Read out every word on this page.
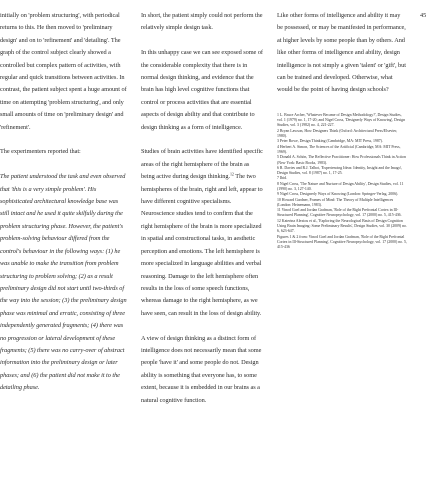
initially on 'problem structuring', with periodical returns to this. He then moved to 'preliminary design' and on to 'refinement' and 'detailing'. The graph of the control subject clearly showed a controlled but complex pattern of activities, with regular and quick transitions between activities. In contrast, the patient subject spent a huge amount of time on attempting 'problem structuring', and only small amounts of time on 'preliminary design' and 'refinement'.

The experimenters reported that:

The patient understood the task and even observed that 'this is a very simple problem'. His sophisticated architectural knowledge base was still intact and he used it quite skilfully during the problem structuring phase. However, the patient's problem-solving behaviour differed from the control's behaviour in the following ways: (1) he was unable to make the transition from problem structuring to problem solving; (2) as a result preliminary design did not start until two-thirds of the way into the session; (3) the preliminary design phase was minimal and erratic, consisting of three independently generated fragments; (4) there was no progression or lateral development of these fragments; (5) there was no carry-over of abstract information into the preliminary design or later phases; and (6) the patient did not make it to the detailing phase.

In short, the patient simply could not perform the relatively simple design task.

In this unhappy case we can see exposed some of the considerable complexity that there is in normal design thinking, and evidence that the brain has high level cognitive functions that control or process activities that are essential aspects of design ability and that contribute to design thinking as a form of intelligence.

Studies of brain activities have identified specific areas of the right hemisphere of the brain as being active during design thinking.$^{12}$ The two hemispheres of the brain, right and left, appear to have different cognitive specialisms. Neuroscience studies tend to confirm that the right hemisphere of the brain is more specialized in spatial and constructional tasks, in aesthetic perception and emotions. The left hemisphere is more specialized in language abilities and verbal reasoning. Damage to the left hemisphere often results in the loss of some speech functions, whereas damage to the right hemisphere, as we have seen, can result in the loss of design ability.

A view of design thinking as a distinct form of intelligence does not necessarily mean that some people 'have it' and some people do not. Design ability is something that everyone has, to some extent, because it is embedded in our brains as a natural cognitive function.

Like other forms of intelligence and ability it may be possessed, or may be manifested in performance, at higher levels by some people than by others. And like other forms of intelligence and ability, design intelligence is not simply a given 'talent' or 'gift', but can be trained and developed. Otherwise, what would be the point of having design schools?

1 L. Bruce Archer, 'Whatever Became of Design Methodology?', Design Studies, vol. 1 (1979) no. 1, 17-20; and Nigel Cross, 'Designerly Ways of Knowing', Design Studies, vol. 3 (1982) no. 4, 221-227.

2 Bryan Lawson, How Designers Think (Oxford: Architectural Press/Elsevier, 1980).

3 Peter Rowe, Design Thinking (Cambridge, MA: MIT Press, 1987).

4 Herbert A. Simon, The Sciences of the Artificial (Cambridge, MA: MIT Press, 1969).

5 Donald A. Schön, The Reflective Practitioner: How Professionals Think in Action (New York: Basic Books, 1983).

6 R. Davies and R.J. Talbot, 'Experiencing Ideas: Identity, Insight and the Imago', Design Studies, vol. 8 (1987) no. 1, 17-25.

7 Ibid.

8 Nigel Cross, 'The Nature and Nurture of Design Ability', Design Studies, vol. 11 (1990) no. 3, 127-140.

9 Nigel Cross, Designerly Ways of Knowing (London: Springer-Verlag, 2006).

10 Howard Gardner, Frames of Mind: The Theory of Multiple Intelligences (London: Heinemann, 1983).

11 Vinod Goel and Jordan Grafman, 'Role of the Right Prefrontal Cortex in Ill-Structured Planning', Cognitive Neuropsychology, vol. 17 (2000) no. 5, 415-436.

12 Katerina Alexiou et al., 'Exploring the Neurological Basis of Design Cognition Using Brain Imaging: Some Preliminary Results', Design Studies, vol. 30 (2009) no. 6, 623-647.

Figures 1 & 2 from: Vinod Goel and Jordan Grafman, 'Role of the Right Prefrontal Cortex in Ill-Structured Planning', Cognitive Neuropsychology, vol. 17 (2000) no. 5, 415-436

45
